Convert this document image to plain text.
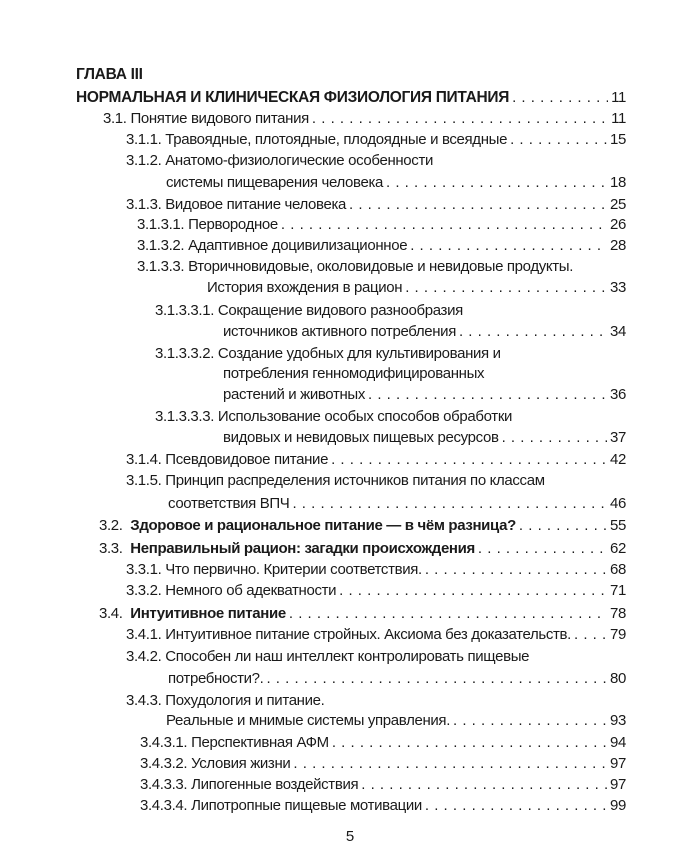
ГЛАВА III
НОРМАЛЬНАЯ И КЛИНИЧЕСКАЯ ФИЗИОЛОГИЯ ПИТАНИЯ . . .	11
3.1. Понятие видового питания . . .	11
3.1.1. Травоядные, плотоядные, плодоядные и всеядные . . .	15
3.1.2. Анатомо-физиологические особенности
системы пищеварения человека . . .	18
3.1.3. Видовое питание человека . . .	25
3.1.3.1. Первородное . . .	26
3.1.3.2. Адаптивное доцивилизационное . . .	28
3.1.3.3. Вторичновидовые, околовидовые и невидовые продукты.
История вхождения в рацион . . .	33
3.1.3.3.1. Сокращение видового разнообразия
источников активного потребления . . .	34
3.1.3.3.2. Создание удобных для культивирования и
потребления генномодифицированных
растений и животных . . .	36
3.1.3.3.3. Использование особых способов обработки
видовых и невидовых пищевых ресурсов . . .	37
3.1.4. Псевдовидовое питание . . .	42
3.1.5. Принцип распределения источников питания по классам
соответствия ВПЧ . . .	46
3.2. Здоровое и рациональное питание — в чём разница? . . .	55
3.3. Неправильный рацион: загадки происхождения . . .	62
3.3.1. Что первично. Критерии соответствия. . . .	68
3.3.2. Немного об адекватности . . .	71
3.4. Интуитивное питание . . .	78
3.4.1. Интуитивное питание стройных. Аксиома без доказательств. . . .	79
3.4.2. Способен ли наш интеллект контролировать пищевые
потребности?. . . .	80
3.4.3. Похудология и питание.
Реальные и мнимые системы управления. . . .	93
3.4.3.1. Перспективная АФМ . . .	94
3.4.3.2. Условия жизни . . .	97
3.4.3.3. Липогенные воздействия . . .	97
3.4.3.4. Липотропные пищевые мотивации . . .	99
5
